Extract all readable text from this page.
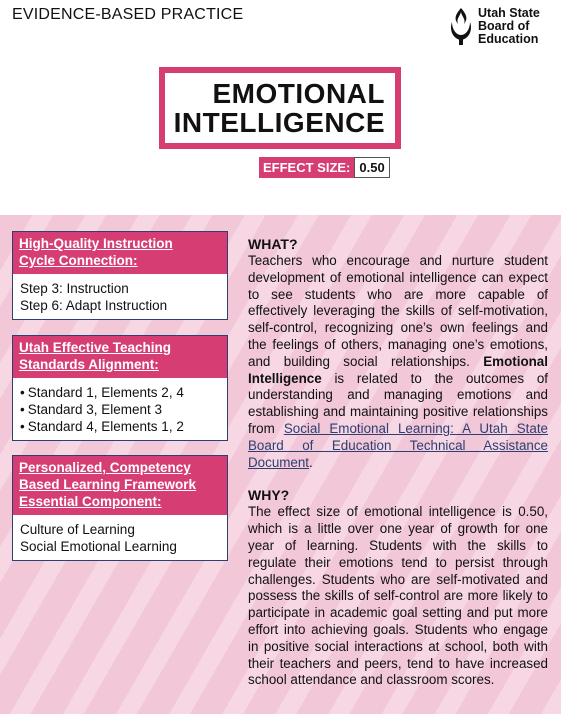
EVIDENCE-BASED PRACTICE	Utah State
Board of
Education
EMOTIONAL
INTELLIGENCE
EFFECT SIZE: 0.50
High-Quality Instruction
Cycle Connection:
Step 3: Instruction
Step 6: Adapt Instruction
Utah Effective Teaching
Standards Alignment:
• Standard 1, Elements 2, 4
• Standard 3, Element 3
• Standard 4, Elements 1, 2
Personalized, Competency
Based Learning Framework
Essential Component:
Culture of Learning
Social Emotional Learning
WHAT?

Teachers who encourage and nurture student development of emotional intelligence can expect to see students who are more capable of effectively leveraging the skills of self-motivation, self-control, recognizing one’s own feelings and the feelings of others, managing one’s emotions, and building social relationships. Emotional Intelligence is related to the outcomes of understanding and managing emotions and establishing and maintaining positive relationships from Social Emotional Learning: A Utah State Board of Education Technical Assistance Document.

WHY?

The effect size of emotional intelligence is 0.50, which is a little over one year of growth for one year of learning. Students with the skills to regulate their emotions tend to persist through challenges. Students who are self-motivated and possess the skills of self-control are more likely to participate in academic goal setting and put more effort into achieving goals. Students who engage in positive social interactions at school, both with their teachers and peers, tend to have increased school attendance and classroom scores.
